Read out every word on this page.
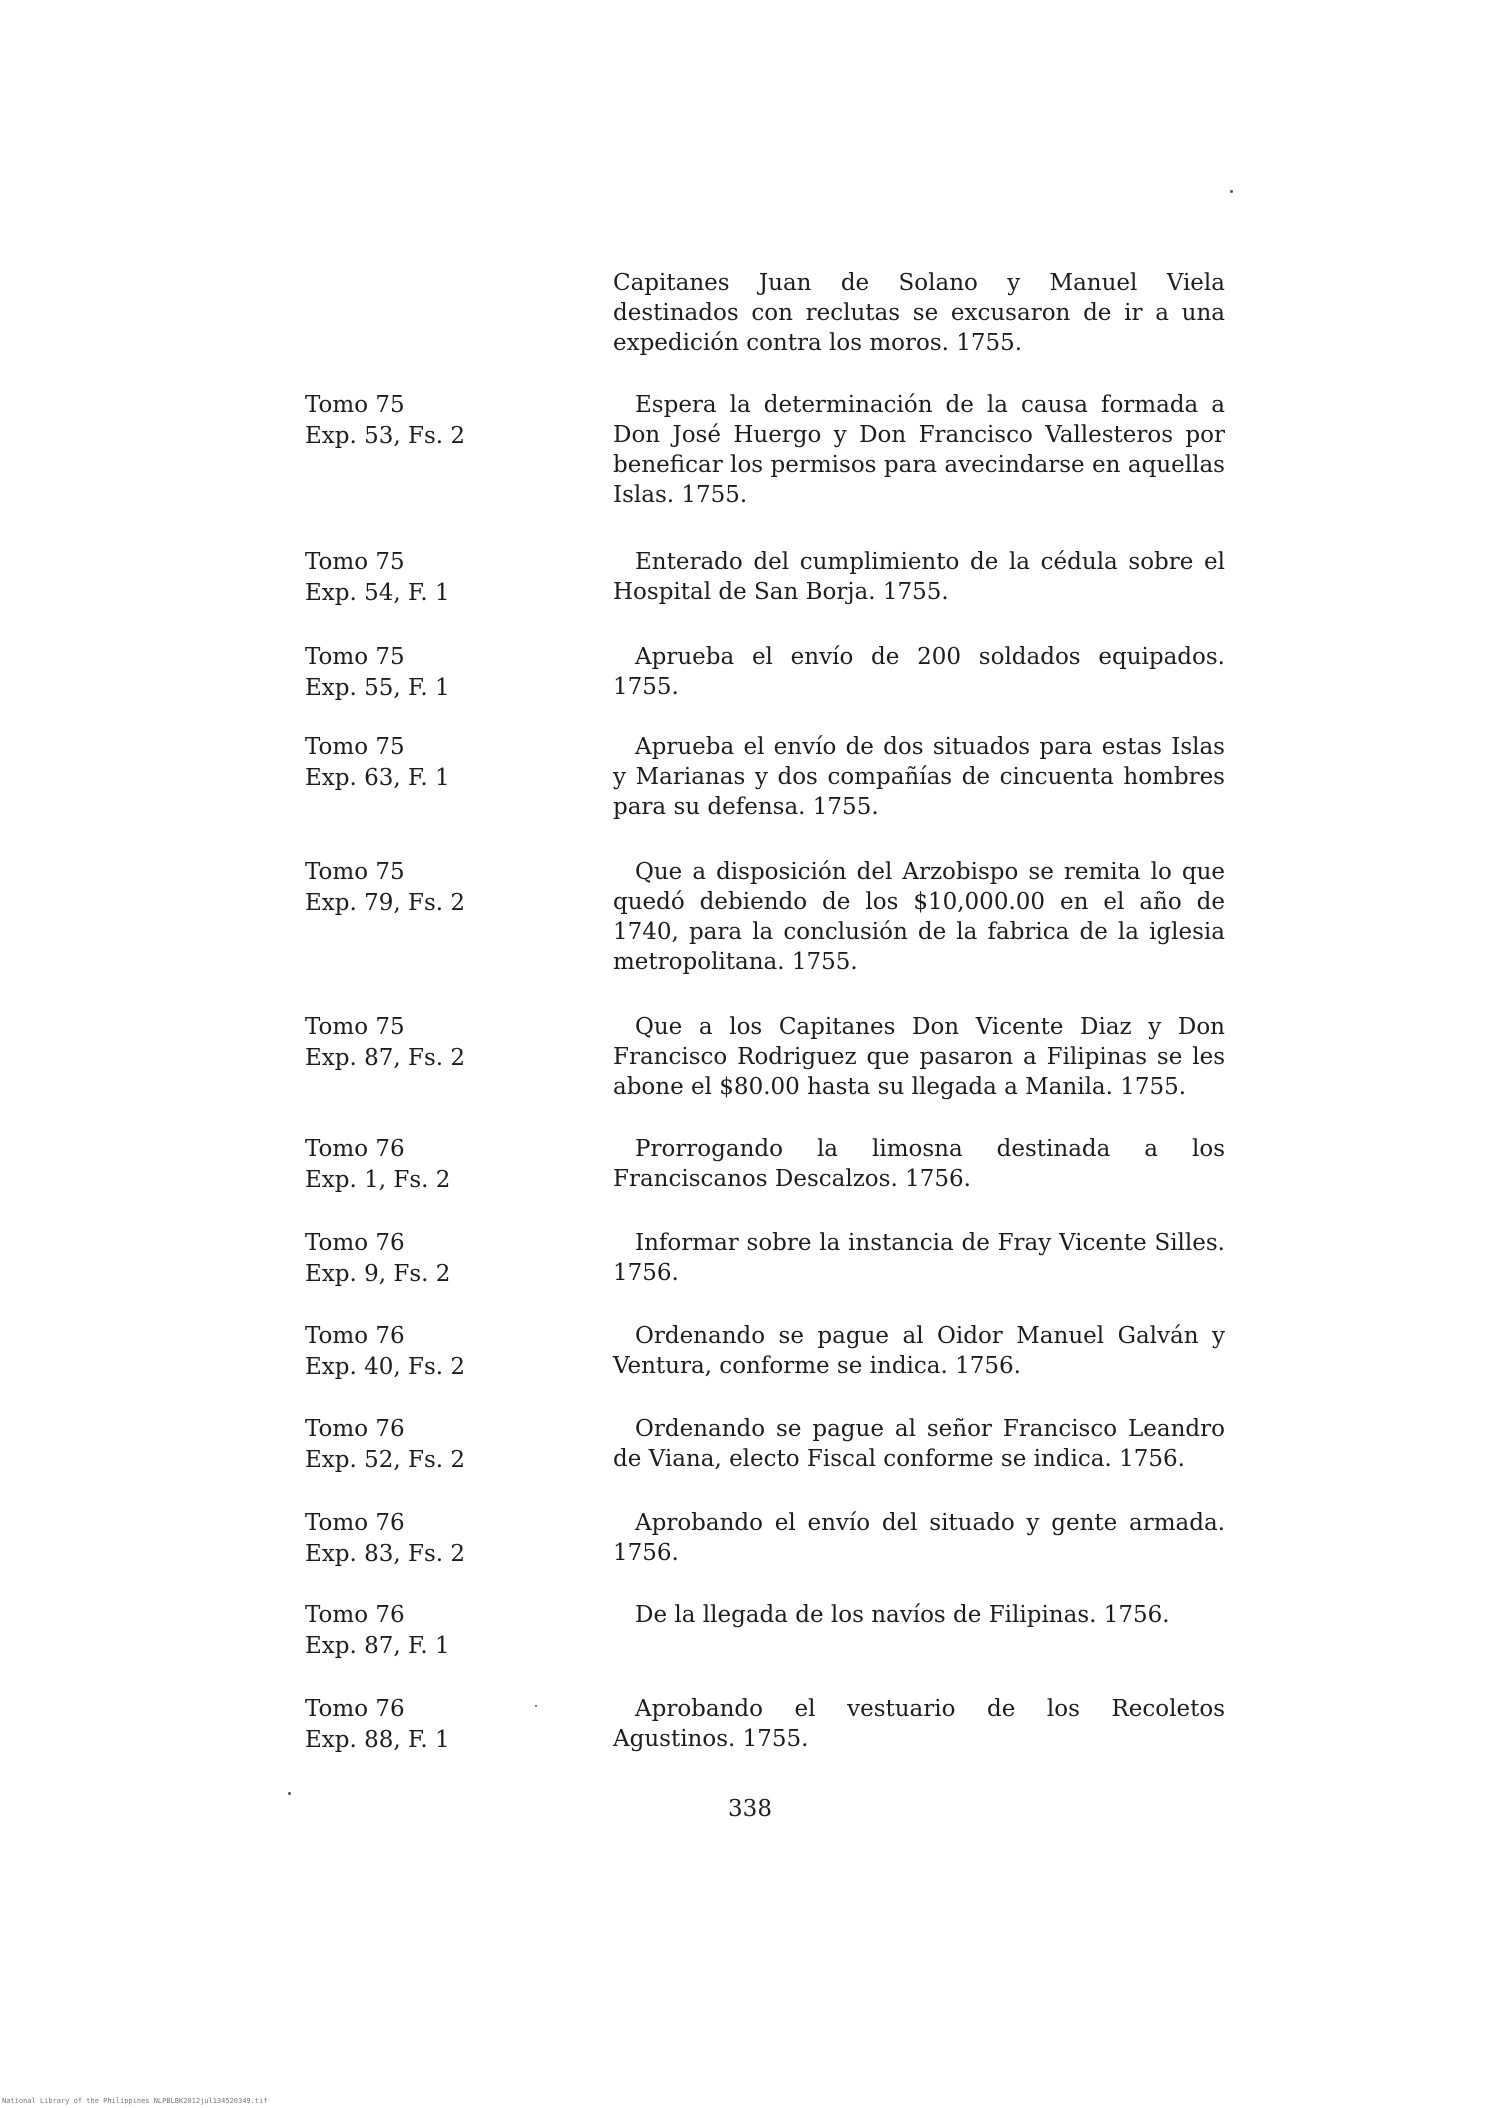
Capitanes Juan de Solano y Manuel Viela destinados con reclutas se excusaron de ir a una expedición contra los moros. 1755.
Tomo 75
Exp. 53, Fs. 2
Espera la determinación de la causa formada a Don José Huergo y Don Francisco Vallesteros por beneficar los permisos para avecindarse en aquellas Islas. 1755.
Tomo 75
Exp. 54, F. 1
Enterado del cumplimiento de la cédula sobre el Hospital de San Borja. 1755.
Tomo 75
Exp. 55, F. 1
Aprueba el envío de 200 soldados equipados. 1755.
Tomo 75
Exp. 63, F. 1
Aprueba el envío de dos situados para estas Islas y Marianas y dos compañías de cincuenta hombres para su defensa. 1755.
Tomo 75
Exp. 79, Fs. 2
Que a disposición del Arzobispo se remita lo que quedó debiendo de los $10,000.00 en el año de 1740, para la conclusión de la fabrica de la iglesia metropolitana. 1755.
Tomo 75
Exp. 87, Fs. 2
Que a los Capitanes Don Vicente Diaz y Don Francisco Rodriguez que pasaron a Filipinas se les abone el $80.00 hasta su llegada a Manila. 1755.
Tomo 76
Exp. 1, Fs. 2
Prorrogando la limosna destinada a los Franciscanos Descalzos. 1756.
Tomo 76
Exp. 9, Fs. 2
Informar sobre la instancia de Fray Vicente Silles. 1756.
Tomo 76
Exp. 40, Fs. 2
Ordenando se pague al Oidor Manuel Galván y Ventura, conforme se indica. 1756.
Tomo 76
Exp. 52, Fs. 2
Ordenando se pague al señor Francisco Leandro de Viana, electo Fiscal conforme se indica. 1756.
Tomo 76
Exp. 83, Fs. 2
Aprobando el envío del situado y gente armada. 1756.
Tomo 76
Exp. 87, F. 1
De la llegada de los navíos de Filipinas. 1756.
Tomo 76
Exp. 88, F. 1
Aprobando el vestuario de los Recoletos Agustinos. 1755.
338
National Library of the Philippines NLPBLBK2012jul134520349.tif
